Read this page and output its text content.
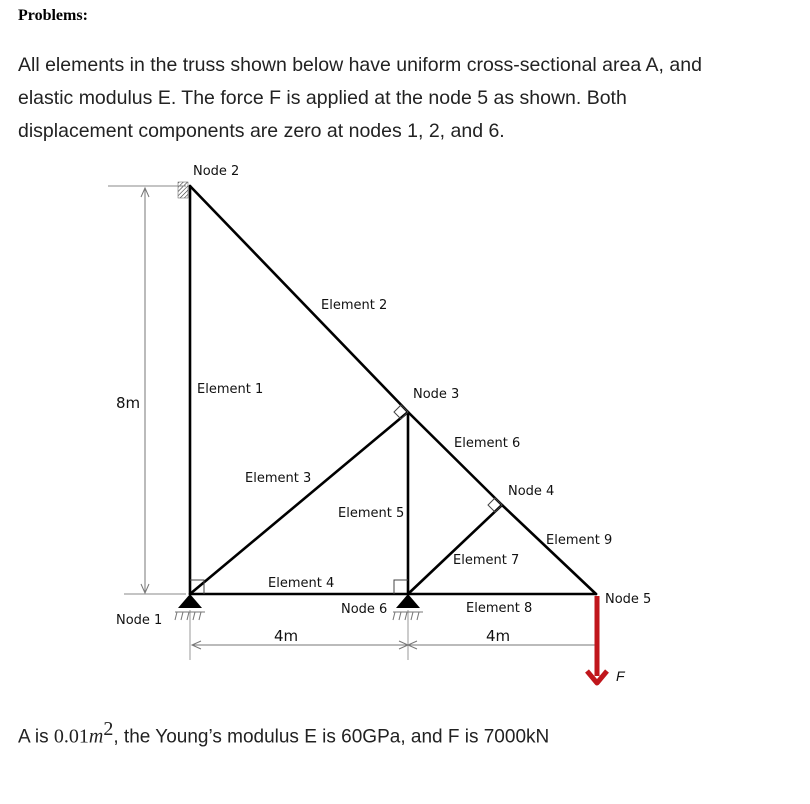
Problems:
All elements in the truss shown below have uniform cross-sectional area A, and
elastic modulus E. The force F is applied at the node 5 as shown. Both
displacement components are zero at nodes 1, 2, and 6.
Node 2
Node 3
Node 4
Node 1
Node 6
Node 5
Element 1
Element 2
Element 3
Element 4
Element 5
Element 6
Element 7
Element 8
Element 9
8m
4m	4m
F
A is $0.01m^2$, the Young’s modulus E is 60GPa, and F is 7000kN
